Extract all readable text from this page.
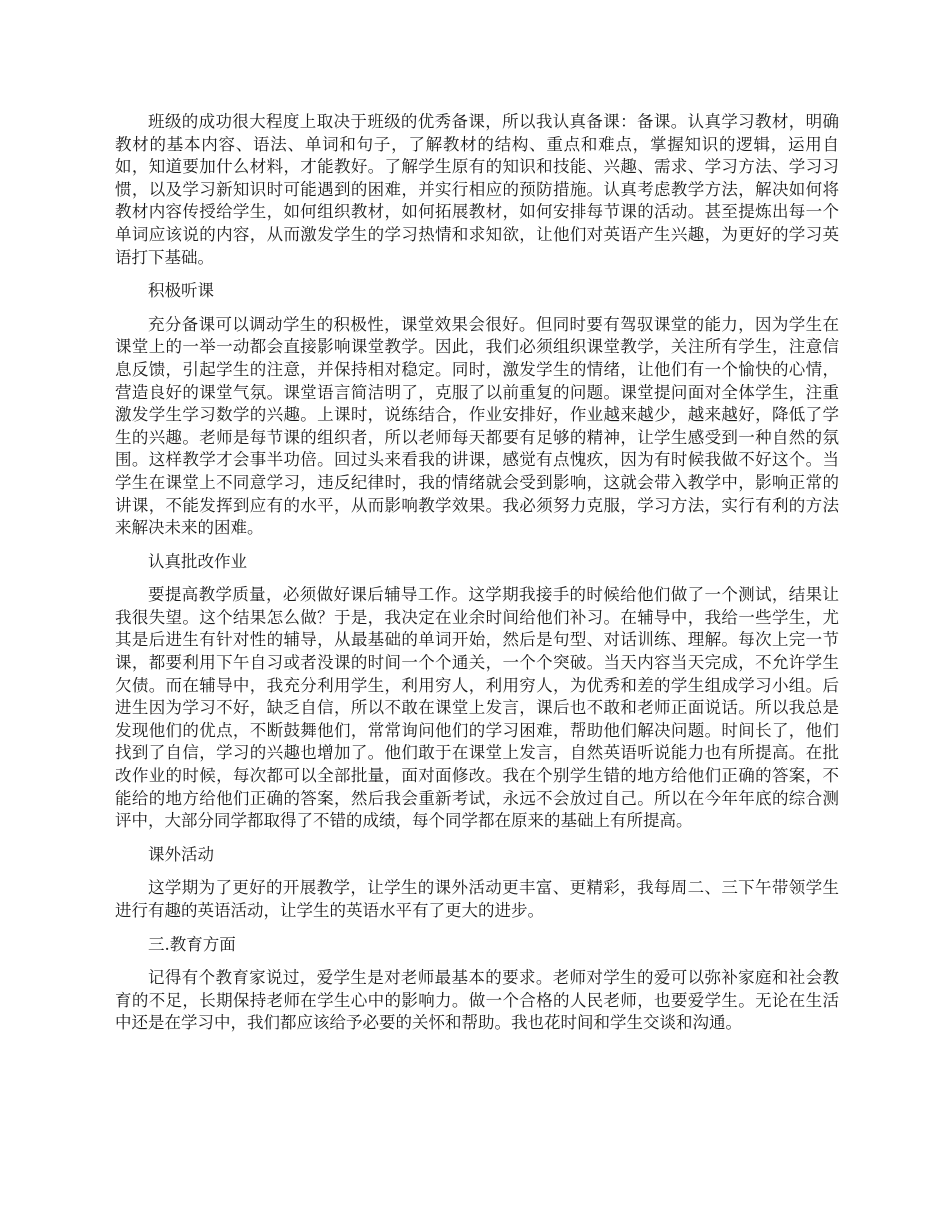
班级的成功很大程度上取决于班级的优秀备课，所以我认真备课：备课。认真学习教材，明确教材的基本内容、语法、单词和句子，了解教材的结构、重点和难点，掌握知识的逻辑，运用自如，知道要加什么材料，才能教好。了解学生原有的知识和技能、兴趣、需求、学习方法、学习习惯，以及学习新知识时可能遇到的困难，并实行相应的预防措施。认真考虑教学方法，解决如何将教材内容传授给学生，如何组织教材，如何拓展教材，如何安排每节课的活动。甚至提炼出每一个单词应该说的内容，从而激发学生的学习热情和求知欲，让他们对英语产生兴趣，为更好的学习英语打下基础。

积极听课

充分备课可以调动学生的积极性，课堂效果会很好。但同时要有驾驭课堂的能力，因为学生在课堂上的一举一动都会直接影响课堂教学。因此，我们必须组织课堂教学，关注所有学生，注意信息反馈，引起学生的注意，并保持相对稳定。同时，激发学生的情绪，让他们有一个愉快的心情，营造良好的课堂气氛。课堂语言简洁明了，克服了以前重复的问题。课堂提问面对全体学生，注重激发学生学习数学的兴趣。上课时，说练结合，作业安排好，作业越来越少，越来越好，降低了学生的兴趣。老师是每节课的组织者，所以老师每天都要有足够的精神，让学生感受到一种自然的氛围。这样教学才会事半功倍。回过头来看我的讲课，感觉有点愧疚，因为有时候我做不好这个。当学生在课堂上不同意学习，违反纪律时，我的情绪就会受到影响，这就会带入教学中，影响正常的讲课，不能发挥到应有的水平，从而影响教学效果。我必须努力克服，学习方法，实行有利的方法来解决未来的困难。

认真批改作业

要提高教学质量，必须做好课后辅导工作。这学期我接手的时候给他们做了一个测试，结果让我很失望。这个结果怎么做？于是，我决定在业余时间给他们补习。在辅导中，我给一些学生，尤其是后进生有针对性的辅导，从最基础的单词开始，然后是句型、对话训练、理解。每次上完一节课，都要利用下午自习或者没课的时间一个个通关，一个个突破。当天内容当天完成，不允许学生欠债。而在辅导中，我充分利用学生，利用穷人，利用穷人，为优秀和差的学生组成学习小组。后进生因为学习不好，缺乏自信，所以不敢在课堂上发言，课后也不敢和老师正面说话。所以我总是发现他们的优点，不断鼓舞他们，常常询问他们的学习困难，帮助他们解决问题。时间长了，他们找到了自信，学习的兴趣也增加了。他们敢于在课堂上发言，自然英语听说能力也有所提高。在批改作业的时候，每次都可以全部批量，面对面修改。我在个别学生错的地方给他们正确的答案，不能给的地方给他们正确的答案，然后我会重新考试，永远不会放过自己。所以在今年年底的综合测评中，大部分同学都取得了不错的成绩，每个同学都在原来的基础上有所提高。

课外活动

这学期为了更好的开展教学，让学生的课外活动更丰富、更精彩，我每周二、三下午带领学生进行有趣的英语活动，让学生的英语水平有了更大的进步。

三.教育方面

记得有个教育家说过，爱学生是对老师最基本的要求。老师对学生的爱可以弥补家庭和社会教育的不足，长期保持老师在学生心中的影响力。做一个合格的人民老师，也要爱学生。无论在生活中还是在学习中，我们都应该给予必要的关怀和帮助。我也花时间和学生交谈和沟通。
